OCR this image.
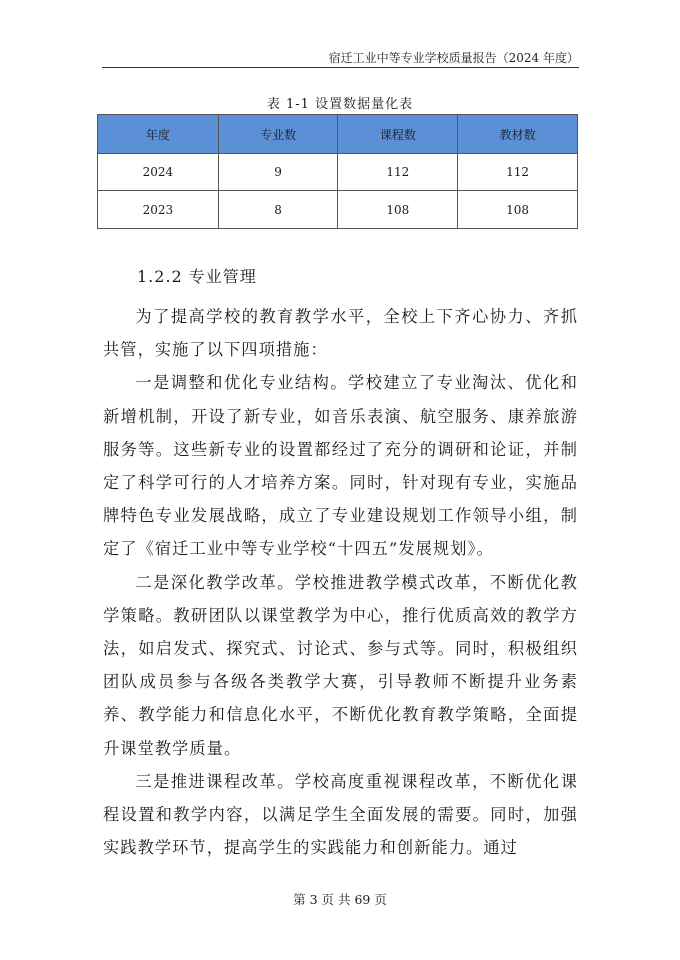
宿迁工业中等专业学校质量报告（2024 年度）
表 1-1 设置数据量化表
年度	专业数	课程数	教材数
2024	9	112	112
2023	8	108	108
1.2.2 专业管理

为了提高学校的教育教学水平，全校上下齐心协力、齐抓共管，实施了以下四项措施：

一是调整和优化专业结构。学校建立了专业淘汰、优化和新增机制，开设了新专业，如音乐表演、航空服务、康养旅游服务等。这些新专业的设置都经过了充分的调研和论证，并制定了科学可行的人才培养方案。同时，针对现有专业，实施品牌特色专业发展战略，成立了专业建设规划工作领导小组，制定了《宿迁工业中等专业学校“十四五”发展规划》。

二是深化教学改革。学校推进教学模式改革，不断优化教学策略。教研团队以课堂教学为中心，推行优质高效的教学方法，如启发式、探究式、讨论式、参与式等。同时，积极组织团队成员参与各级各类教学大赛，引导教师不断提升业务素养、教学能力和信息化水平，不断优化教育教学策略，全面提升课堂教学质量。

三是推进课程改革。学校高度重视课程改革，不断优化课程设置和教学内容，以满足学生全面发展的需要。同时，加强实践教学环节，提高学生的实践能力和创新能力。通过

第 3 页 共 69 页
